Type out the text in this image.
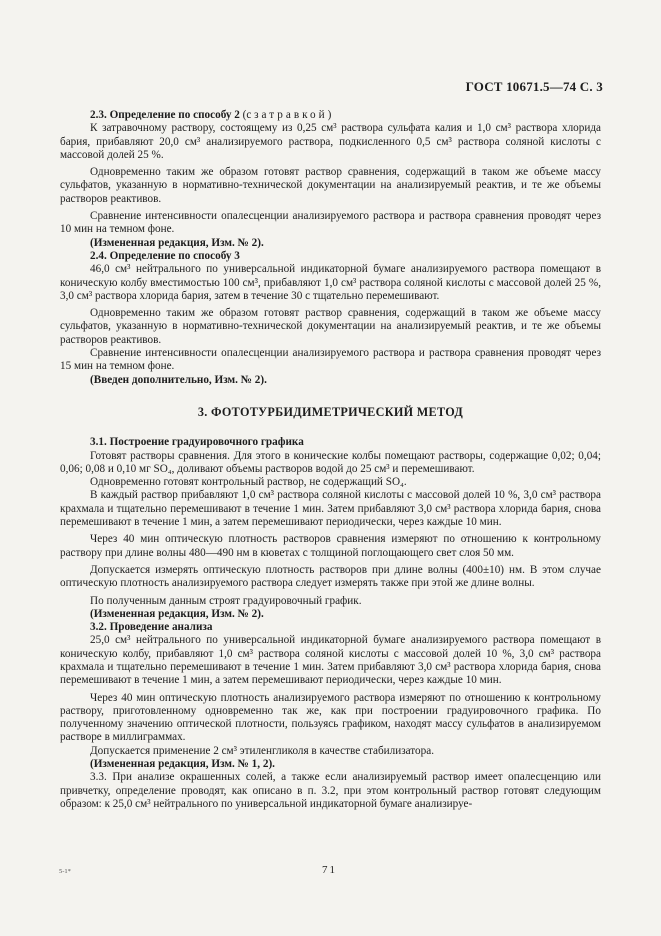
ГОСТ 10671.5—74 С. 3

2.3. Определение по способу 2 (с затравкой)

К затравочному раствору, состоящему из 0,25 см³ раствора сульфата калия и 1,0 см³ раствора хлорида бария, прибавляют 20,0 см³ анализируемого раствора, подкисленного 0,5 см³ раствора соляной кислоты с массовой долей 25 %.

Одновременно таким же образом готовят раствор сравнения, содержащий в таком же объеме массу сульфатов, указанную в нормативно-технической документации на анализируемый реактив, и те же объемы растворов реактивов.

Сравнение интенсивности опалесценции анализируемого раствора и раствора сравнения проводят через 10 мин на темном фоне.

(Измененная редакция, Изм. № 2).

2.4. Определение по способу 3

46,0 см³ нейтрального по универсальной индикаторной бумаге анализируемого раствора помещают в коническую колбу вместимостью 100 см³, прибавляют 1,0 см³ раствора соляной кислоты с массовой долей 25 %, 3,0 см³ раствора хлорида бария, затем в течение 30 с тщательно перемешивают.

Одновременно таким же образом готовят раствор сравнения, содержащий в таком же объеме массу сульфатов, указанную в нормативно-технической документации на анализируемый реактив, и те же объемы растворов реактивов.

Сравнение интенсивности опалесценции анализируемого раствора и раствора сравнения проводят через 15 мин на темном фоне.

(Введен дополнительно, Изм. № 2).

3. ФОТОТУРБИДИМЕТРИЧЕСКИЙ МЕТОД

3.1. Построение градуировочного графика

Готовят растворы сравнения. Для этого в конические колбы помещают растворы, содержащие 0,02; 0,04; 0,06; 0,08 и 0,10 мг SO₄, доливают объемы растворов водой до 25 см³ и перемешивают.

Одновременно готовят контрольный раствор, не содержащий SO₄.

В каждый раствор прибавляют 1,0 см³ раствора соляной кислоты с массовой долей 10 %, 3,0 см³ раствора крахмала и тщательно перемешивают в течение 1 мин. Затем прибавляют 3,0 см³ раствора хлорида бария, снова перемешивают в течение 1 мин, а затем перемешивают периодически, через каждые 10 мин.

Через 40 мин оптическую плотность растворов сравнения измеряют по отношению к контрольному раствору при длине волны 480—490 нм в кюветах с толщиной поглощающего свет слоя 50 мм.

Допускается измерять оптическую плотность растворов при длине волны (400±10) нм. В этом случае оптическую плотность анализируемого раствора следует измерять также при этой же длине волны.

По полученным данным строят градуировочный график.

(Измененная редакция, Изм. № 2).

3.2. Проведение анализа

25,0 см³ нейтрального по универсальной индикаторной бумаге анализируемого раствора помещают в коническую колбу, прибавляют 1,0 см³ раствора соляной кислоты с массовой долей 10 %, 3,0 см³ раствора крахмала и тщательно перемешивают в течение 1 мин. Затем прибавляют 3,0 см³ раствора хлорида бария, снова перемешивают в течение 1 мин, а затем перемешивают периодически, через каждые 10 мин.

Через 40 мин оптическую плотность анализируемого раствора измеряют по отношению к контрольному раствору, приготовленному одновременно так же, как при построении градуировочного графика. По полученному значению оптической плотности, пользуясь графиком, находят массу сульфатов в анализируемом растворе в миллиграммах.

Допускается применение 2 см³ этиленгликоля в качестве стабилизатора.

(Измененная редакция, Изм. № 1, 2).

3.3. При анализе окрашенных солей, а также если анализируемый раствор имеет опалесценцию или привчетку, определение проводят, как описано в п. 3.2, при этом контрольный раствор готовят следующим образом: к 25,0 см³ нейтрального по универсальной индикаторной бумаге анализируе-

5-1*	71
